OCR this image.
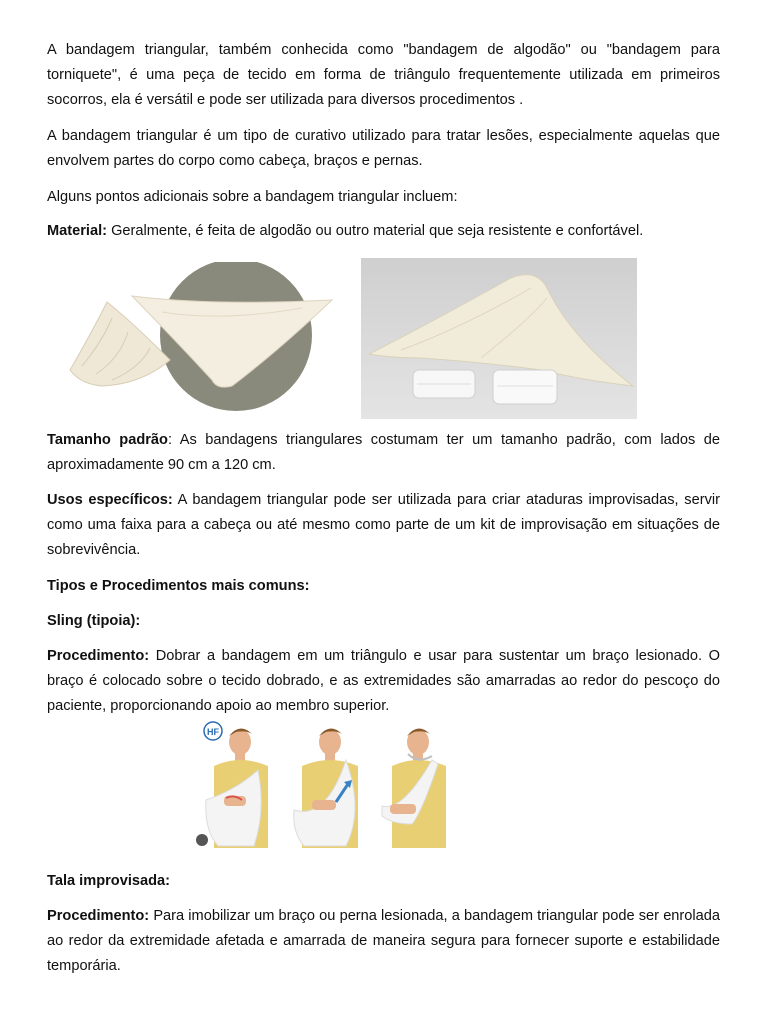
A bandagem triangular, também conhecida como "bandagem de algodão" ou "bandagem para torniquete", é uma peça de tecido em forma de triângulo frequentemente utilizada em primeiros socorros, ela é versátil e pode ser utilizada para diversos procedimentos .

A bandagem triangular é um tipo de curativo utilizado para tratar lesões, especialmente aquelas que envolvem partes do corpo como cabeça, braços e pernas.

Alguns pontos adicionais sobre a bandagem triangular incluem:

Material: Geralmente, é feita de algodão ou outro material que seja resistente e confortável.

Tamanho padrão: As bandagens triangulares costumam ter um tamanho padrão, com lados de aproximadamente 90 cm a 120 cm.

Usos específicos: A bandagem triangular pode ser utilizada para criar ataduras improvisadas, servir como uma faixa para a cabeça ou até mesmo como parte de um kit de improvisação em situações de sobrevivência.

Tipos e Procedimentos mais comuns:

Sling (tipoia):

Procedimento: Dobrar a bandagem em um triângulo e usar para sustentar um braço lesionado. O braço é colocado sobre o tecido dobrado, e as extremidades são amarradas ao redor do pescoço do paciente, proporcionando apoio ao membro superior.

Tala improvisada:

Procedimento: Para imobilizar um braço ou perna lesionada, a bandagem triangular pode ser enrolada ao redor da extremidade afetada e amarrada de maneira segura para fornecer suporte e estabilidade temporária.

HF
